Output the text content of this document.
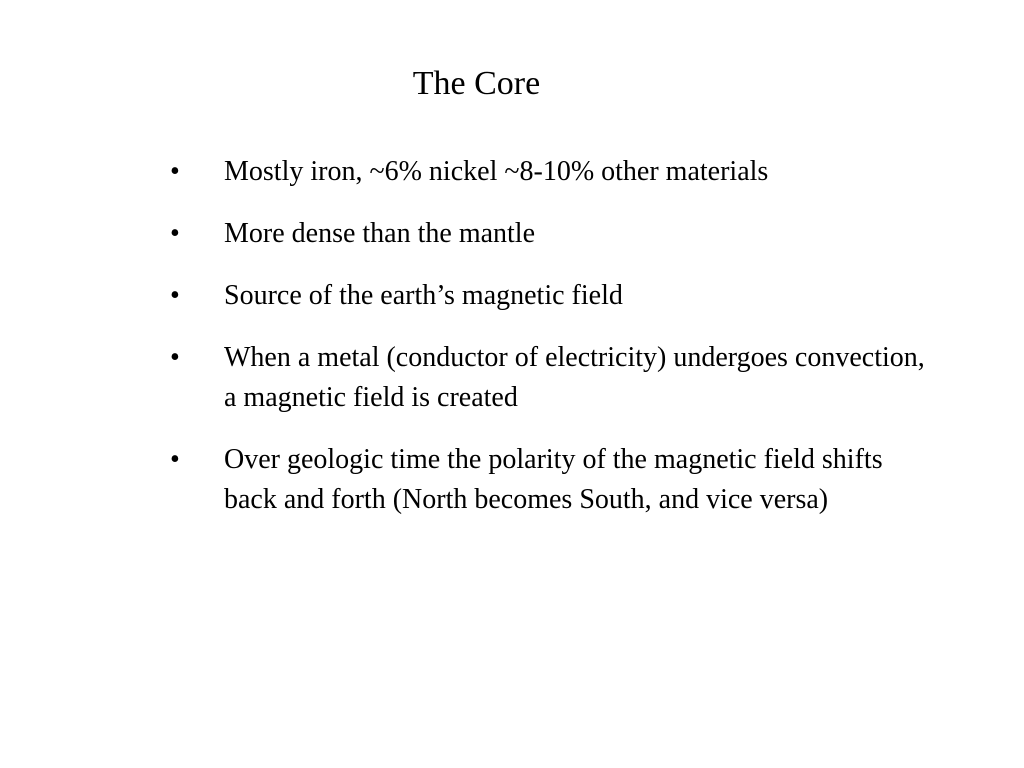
The Core
•	Mostly iron, ~6% nickel ~8-10% other materials
•	More dense than the mantle
•	Source of the earth’s magnetic field
•	When a metal (conductor of electricity) undergoes convection, a magnetic field is created
•	Over geologic time the polarity of the magnetic field shifts back and forth (North becomes South, and vice versa)
